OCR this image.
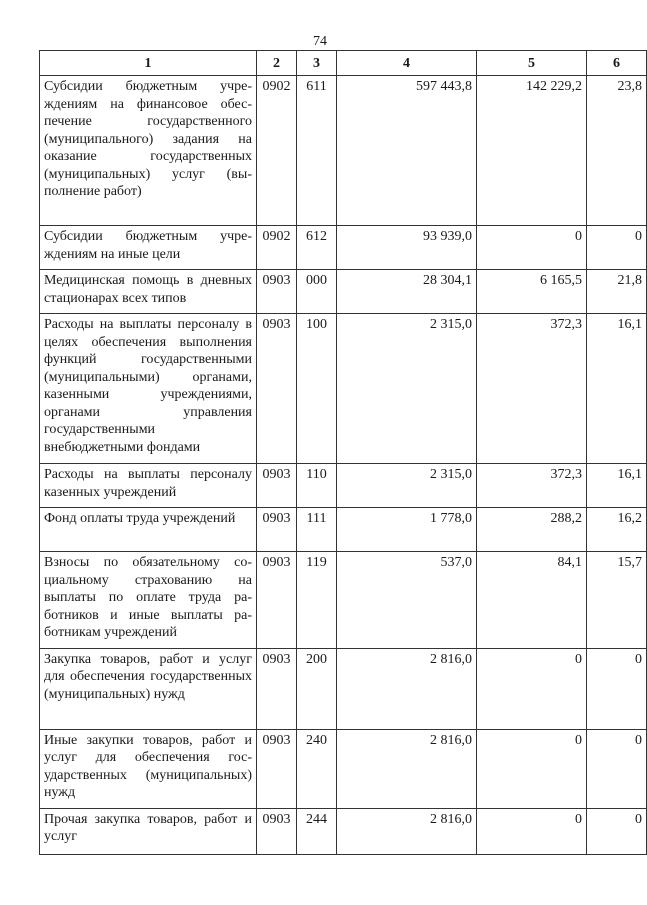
74
1	2	3	4	5	6
Субсидии бюджетным учреждениям на финансовое обеспечение государственного (муниципального) задания на оказание государственных (муниципальных) услуг (выполнение работ)	0902	611	597 443,8	142 229,2	23,8
Субсидии бюджетным учреждениям на иные цели	0902	612	93 939,0	0	0
Медицинская помощь в дневных стационарах всех типов	0903	000	28 304,1	6 165,5	21,8
Расходы на выплаты персоналу в целях обеспечения выполнения функций государственными (муниципальными) органами, казенными учреждениями, органами управления государственными внебюджетными фондами	0903	100	2 315,0	372,3	16,1
Расходы на выплаты персоналу казенных учреждений	0903	110	2 315,0	372,3	16,1
Фонд оплаты труда учреждений	0903	111	1 778,0	288,2	16,2
Взносы по обязательному социальному страхованию на выплаты по оплате труда работников и иные выплаты работникам учреждений	0903	119	537,0	84,1	15,7
Закупка товаров, работ и услуг для обеспечения государственных (муниципальных) нужд	0903	200	2 816,0	0	0
Иные закупки товаров, работ и услуг для обеспечения государственных (муниципальных) нужд	0903	240	2 816,0	0	0
Прочая закупка товаров, работ и услуг	0903	244	2 816,0	0	0
